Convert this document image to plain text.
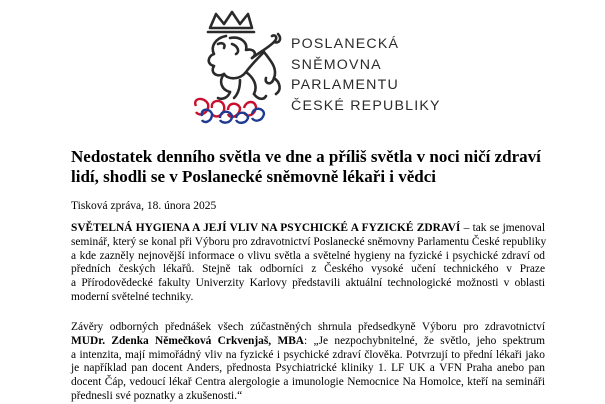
POSLANECKÁ
SNĚMOVNA
PARLAMENTU
ČESKÉ REPUBLIKY
Nedostatek denního světla ve dne a příliš světla v noci ničí zdraví
lidí, shodli se v Poslanecké sněmovně lékaři i vědci
Tisková zpráva, 18. února 2025
SVĚTELNÁ HYGIENA A JEJÍ VLIV NA PSYCHICKÉ A FYZICKÉ ZDRAVÍ – tak se jmenoval
seminář, který se konal při Výboru pro zdravotnictví Poslanecké sněmovny Parlamentu České republiky
a kde zazněly nejnovější informace o vlivu světla a světelné hygieny na fyzické i psychické zdraví od
předních českých lékařů. Stejně tak odborníci z Českého vysoké učení technického v Praze
a Přírodovědecké fakulty Univerzity Karlovy představili aktuální technologické možnosti v oblasti
moderní světelné techniky.
Závěry odborných přednášek všech zúčastněných shrnula předsedkyně Výboru pro zdravotnictví
MUDr. Zdenka Němečková Crkvenjaš, MBA: „Je nezpochybnitelné, že světlo, jeho spektrum
a intenzita, mají mimořádný vliv na fyzické i psychické zdraví člověka. Potvrzují to přední lékaři jako
je například pan docent Anders, přednosta Psychiatrické kliniky 1. LF UK a VFN Praha anebo pan
docent Čáp, vedoucí lékař Centra alergologie a imunologie Nemocnice Na Homolce, kteří na semináři
přednesli své poznatky a zkušenosti.“
